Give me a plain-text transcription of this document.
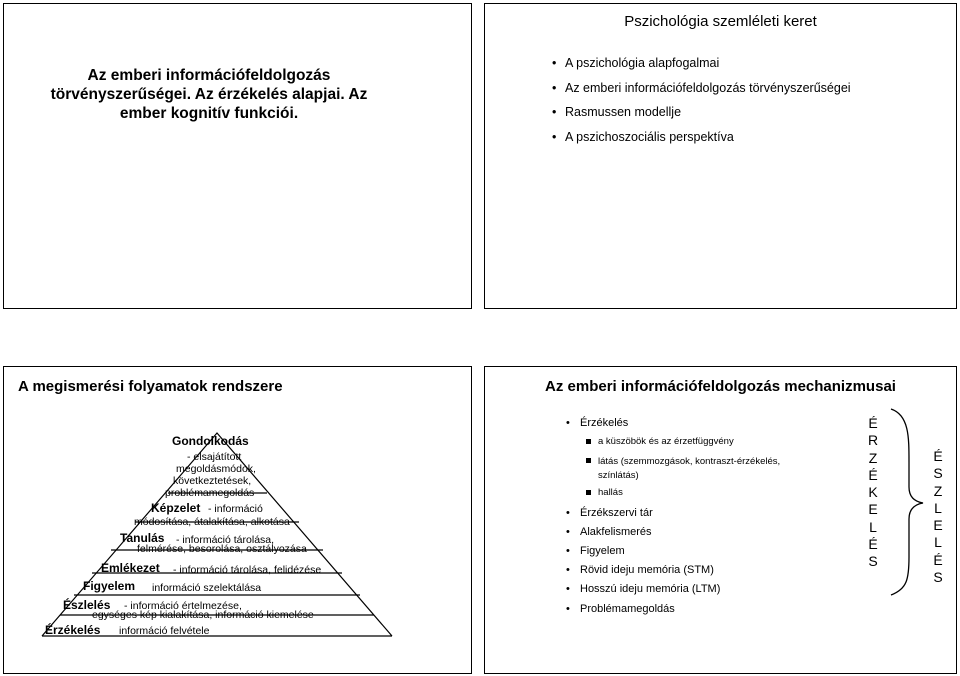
Az emberi információfeldolgozás törvényszerűségei. Az érzékelés alapjai. Az ember kognitív funkciói.
Pszichológia szemléleti keret
• A pszichológia alapfogalmai
• Az emberi információfeldolgozás törvényszerűségei
• Rasmussen modellje
• A pszichoszociális perspektíva
A megismerési folyamatok rendszere
Gondolkodás
- elsajátított
megoldásmódok,
következtetések,
problémamegoldás
Képzelet - információ
módosítása, átalakítása, alkotása
Tanulás - információ tárolása,
felmérése, besorolása, osztályozása
Emlékezet - információ tárolása, felidézése
Figyelem információ szelektálása
Észlelés - információ értelmezése,
egységes kép kialakítása, információ kiemelése
Érzékelés információ felvétele
Az emberi információfeldolgozás mechanizmusai
• Érzékelés
a küszöbök és az érzetfüggvény
látás (szemmozgások, kontraszt-érzékelés, színlátás)
hallás
• Érzékszervi tár
• Alakfelismerés
• Figyelem
• Rövid ideju memória (STM)
• Hosszú ideju memória (LTM)
• Problémamegoldás
É
R
Z
É
K
E
L
É
S
É
S
Z
L
E
L
É
S
